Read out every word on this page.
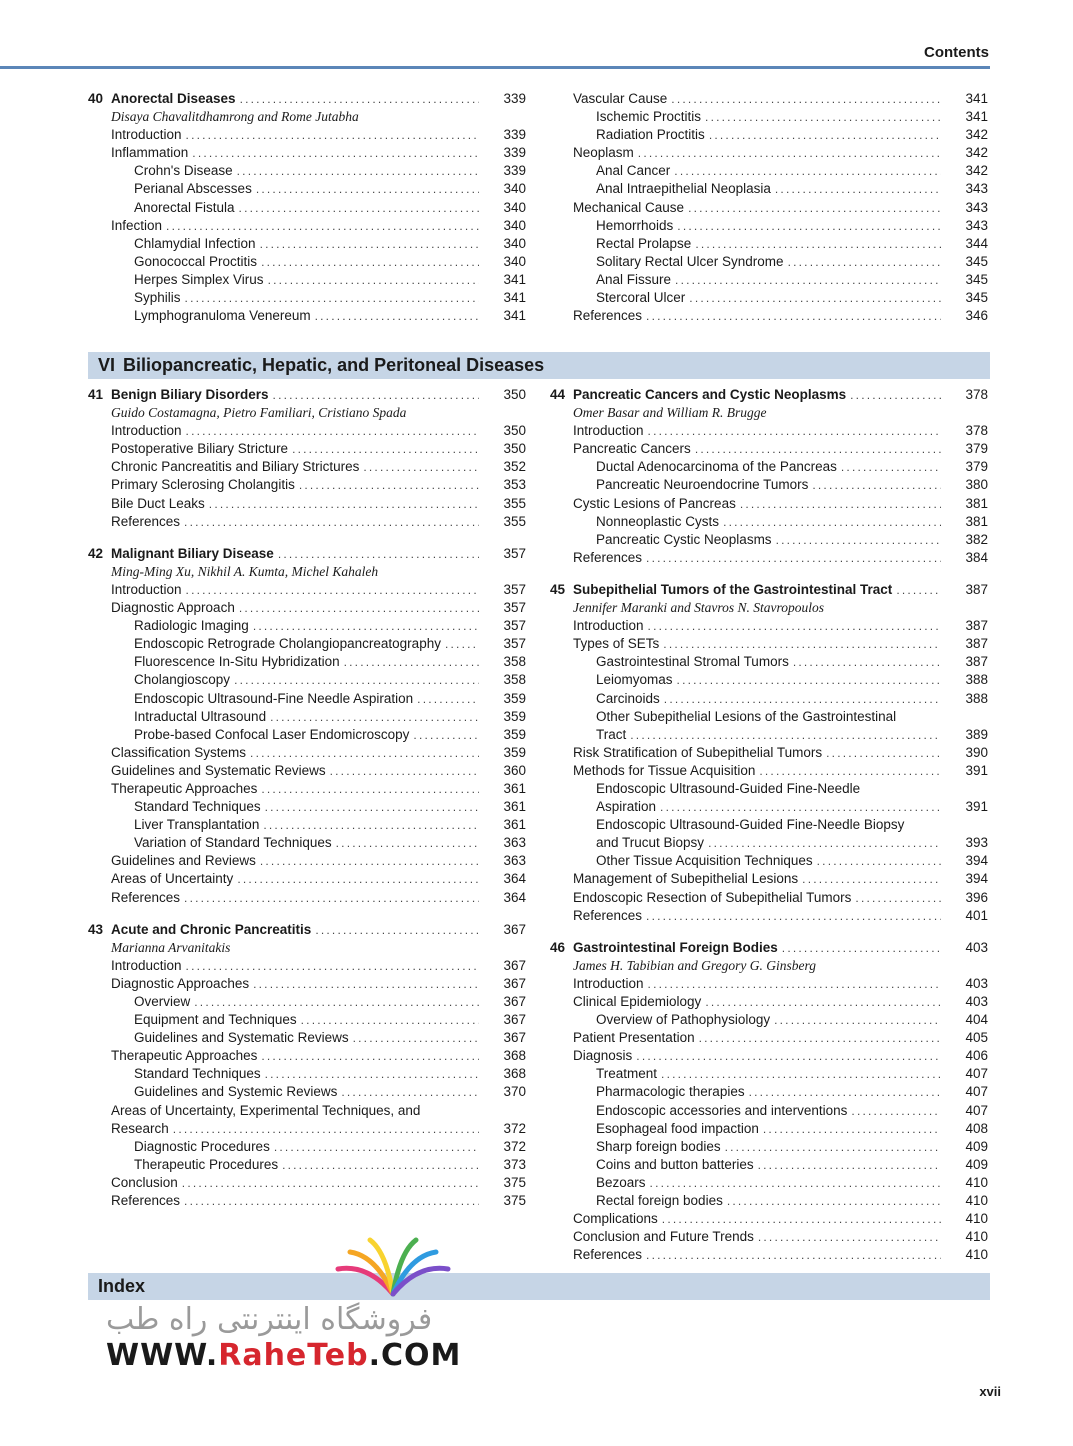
Contents
40 Anorectal Diseases .....	339
Disaya Chavalitdhamrong and Rome Jutabha
Introduction .....	339
Inflammation .....	339
Crohn's Disease .....	339
Perianal Abscesses .....	340
Anorectal Fistula .....	340
Infection .....	340
Chlamydial Infection .....	340
Gonococcal Proctitis .....	340
Herpes Simplex Virus .....	341
Syphilis .....	341
Lymphogranuloma Venereum .....	341
Vascular Cause .....	341
Ischemic Proctitis .....	341
Radiation Proctitis .....	342
Neoplasm .....	342
Anal Cancer .....	342
Anal Intraepithelial Neoplasia .....	343
Mechanical Cause .....	343
Hemorrhoids .....	343
Rectal Prolapse .....	344
Solitary Rectal Ulcer Syndrome .....	345
Anal Fissure .....	345
Stercoral Ulcer .....	345
References .....	346
VI Biliopancreatic, Hepatic, and Peritoneal Diseases
41 Benign Biliary Disorders .....	350
Guido Costamagna, Pietro Familiari, Cristiano Spada
Introduction .....	350
Postoperative Biliary Stricture .....	350
Chronic Pancreatitis and Biliary Strictures .....	352
Primary Sclerosing Cholangitis .....	353
Bile Duct Leaks .....	355
References .....	355
42 Malignant Biliary Disease .....	357
Ming-Ming Xu, Nikhil A. Kumta, Michel Kahaleh
Introduction .....	357
Diagnostic Approach .....	357
Radiologic Imaging .....	357
Endoscopic Retrograde Cholangiopancreatography .....	357
Fluorescence In-Situ Hybridization .....	358
Cholangioscopy .....	358
Endoscopic Ultrasound-Fine Needle Aspiration .....	359
Intraductal Ultrasound .....	359
Probe-based Confocal Laser Endomicroscopy .....	359
Classification Systems .....	359
Guidelines and Systematic Reviews .....	360
Therapeutic Approaches .....	361
Standard Techniques .....	361
Liver Transplantation .....	361
Variation of Standard Techniques .....	363
Guidelines and Reviews .....	363
Areas of Uncertainty .....	364
References .....	364
43 Acute and Chronic Pancreatitis .....	367
Marianna Arvanitakis
Introduction .....	367
Diagnostic Approaches .....	367
Overview .....	367
Equipment and Techniques .....	367
Guidelines and Systematic Reviews .....	367
Therapeutic Approaches .....	368
Standard Techniques .....	368
Guidelines and Systemic Reviews .....	370
Areas of Uncertainty, Experimental Techniques, and
Research .....	372
Diagnostic Procedures .....	372
Therapeutic Procedures .....	373
Conclusion .....	375
References .....	375
44 Pancreatic Cancers and Cystic Neoplasms .....	378
Omer Basar and William R. Brugge
Introduction .....	378
Pancreatic Cancers .....	379
Ductal Adenocarcinoma of the Pancreas .....	379
Pancreatic Neuroendocrine Tumors .....	380
Cystic Lesions of Pancreas .....	381
Nonneoplastic Cysts .....	381
Pancreatic Cystic Neoplasms .....	382
References .....	384
45 Subepithelial Tumors of the Gastrointestinal Tract .....	387
Jennifer Maranki and Stavros N. Stavropoulos
Introduction .....	387
Types of SETs .....	387
Gastrointestinal Stromal Tumors .....	387
Leiomyomas .....	388
Carcinoids .....	388
Other Subepithelial Lesions of the Gastrointestinal
Tract .....	389
Risk Stratification of Subepithelial Tumors .....	390
Methods for Tissue Acquisition .....	391
Endoscopic Ultrasound-Guided Fine-Needle
Aspiration .....	391
Endoscopic Ultrasound-Guided Fine-Needle Biopsy
and Trucut Biopsy .....	393
Other Tissue Acquisition Techniques .....	394
Management of Subepithelial Lesions .....	394
Endoscopic Resection of Subepithelial Tumors .....	396
References .....	401
46 Gastrointestinal Foreign Bodies .....	403
James H. Tabibian and Gregory G. Ginsberg
Introduction .....	403
Clinical Epidemiology .....	403
Overview of Pathophysiology .....	404
Patient Presentation .....	405
Diagnosis .....	406
Treatment .....	407
Pharmacologic therapies .....	407
Endoscopic accessories and interventions .....	407
Esophageal food impaction .....	408
Sharp foreign bodies .....	409
Coins and button batteries .....	409
Bezoars .....	410
Rectal foreign bodies .....	410
Complications .....	410
Conclusion and Future Trends .....	410
References .....	410
Index
فروشگاه اینترنتی راه طب
WWW.RaheTeb.COM
xvii
